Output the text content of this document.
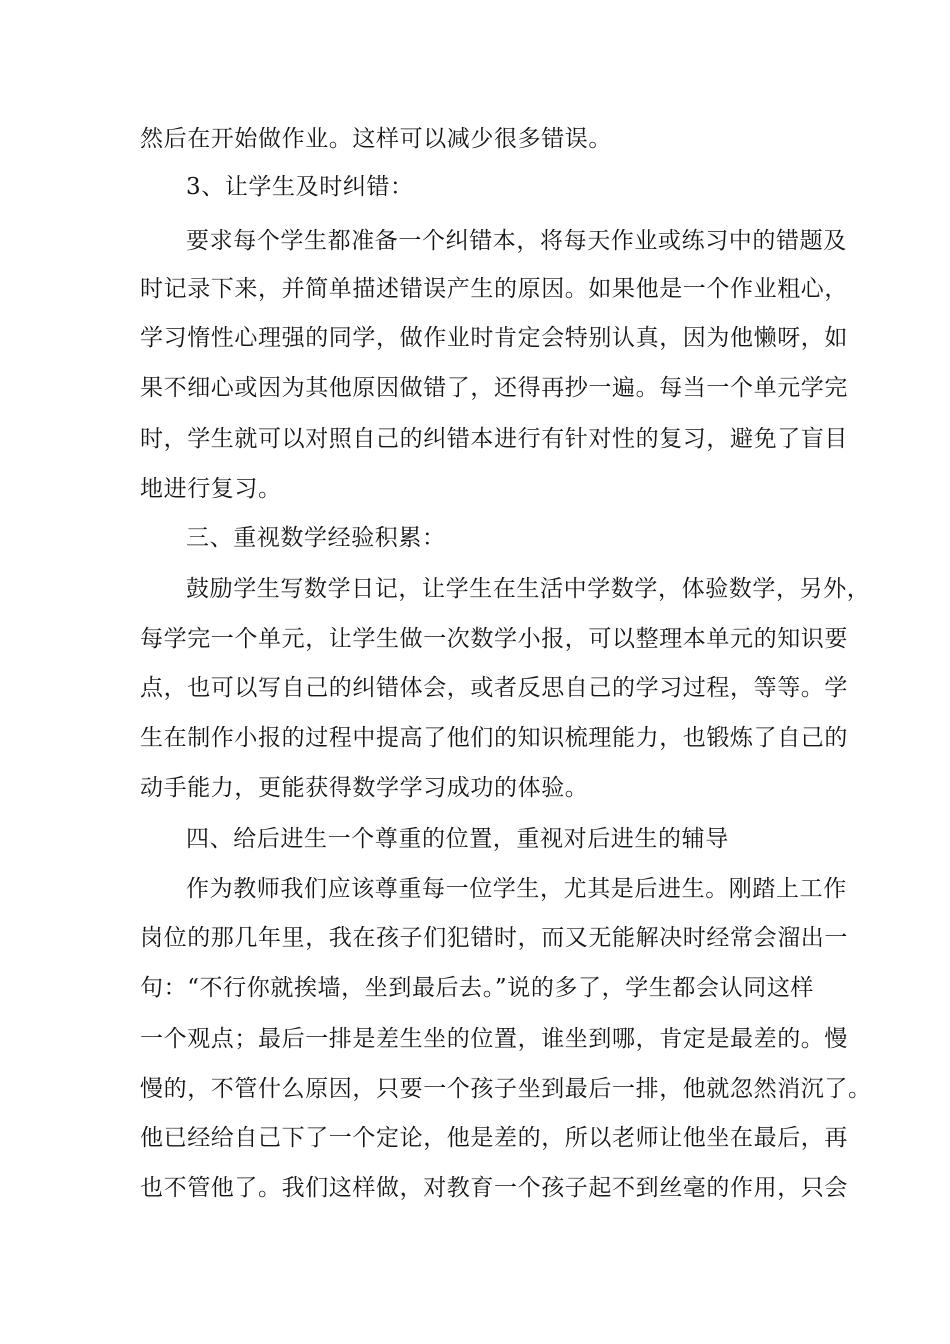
然后在开始做作业。这样可以减少很多错误。
3、让学生及时纠错：
要求每个学生都准备一个纠错本，将每天作业或练习中的错题及
时记录下来，并简单描述错误产生的原因。如果他是一个作业粗心，
学习惰性心理强的同学，做作业时肯定会特别认真，因为他懒呀，如
果不细心或因为其他原因做错了，还得再抄一遍。每当一个单元学完
时，学生就可以对照自己的纠错本进行有针对性的复习，避免了盲目
地进行复习。
三、重视数学经验积累：
鼓励学生写数学日记，让学生在生活中学数学，体验数学，另外，
每学完一个单元，让学生做一次数学小报，可以整理本单元的知识要
点，也可以写自己的纠错体会，或者反思自己的学习过程，等等。学
生在制作小报的过程中提高了他们的知识梳理能力，也锻炼了自己的
动手能力，更能获得数学学习成功的体验。
四、给后进生一个尊重的位置，重视对后进生的辅导
作为教师我们应该尊重每一位学生，尤其是后进生。刚踏上工作
岗位的那几年里，我在孩子们犯错时，而又无能解决时经常会溜出一
句：“不行你就挨墙，坐到最后去。”说的多了，学生都会认同这样
一个观点；最后一排是差生坐的位置，谁坐到哪，肯定是最差的。慢
慢的，不管什么原因，只要一个孩子坐到最后一排，他就忽然消沉了。
他已经给自己下了一个定论，他是差的，所以老师让他坐在最后，再
也不管他了。我们这样做，对教育一个孩子起不到丝毫的作用，只会
